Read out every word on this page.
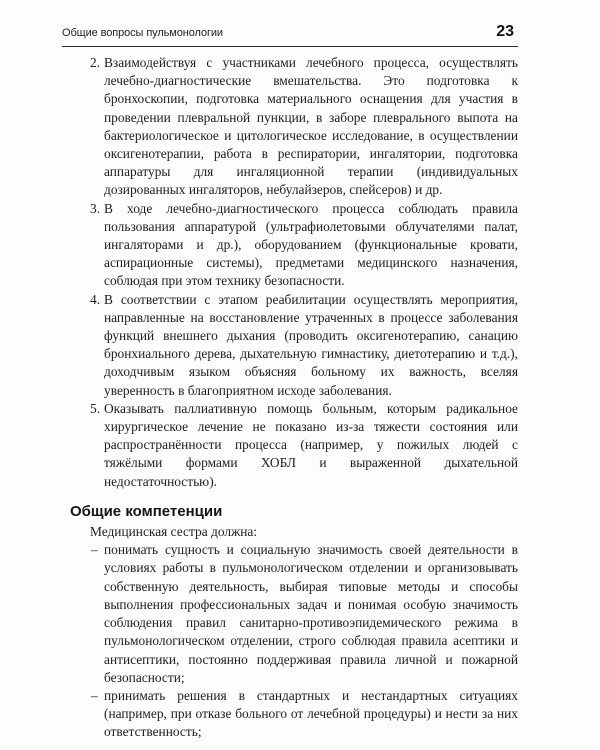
Общие вопросы пульмонологии	23
2. Взаимодействуя с участниками лечебного процесса, осуществлять лечебно-диагностические вмешательства. Это подготовка к бронхоскопии, подготовка материального оснащения для участия в проведении плевральной пункции, в заборе плеврального выпота на бактериологическое и цитологическое исследование, в осуществлении оксигенотерапии, работа в респиратории, ингалятории, подготовка аппаратуры для ингаляционной терапии (индивидуальных дозированных ингаляторов, небулайзеров, спейсеров) и др.
3. В ходе лечебно-диагностического процесса соблюдать правила пользования аппаратурой (ультрафиолетовыми облучателями палат, ингаляторами и др.), оборудованием (функциональные кровати, аспирационные системы), предметами медицинского назначения, соблюдая при этом технику безопасности.
4. В соответствии с этапом реабилитации осуществлять мероприятия, направленные на восстановление утраченных в процессе заболевания функций внешнего дыхания (проводить оксигенотерапию, санацию бронхиального дерева, дыхательную гимнастику, диетотерапию и т.д.), доходчивым языком объясняя больному их важность, вселяя уверенность в благоприятном исходе заболевания.
5. Оказывать паллиативную помощь больным, которым радикальное хирургическое лечение не показано из-за тяжести состояния или распространённости процесса (например, у пожилых людей с тяжёлыми формами ХОБЛ и выраженной дыхательной недостаточностью).
Общие компетенции

Медицинская сестра должна:

– понимать сущность и социальную значимость своей деятельности в условиях работы в пульмонологическом отделении и организовывать собственную деятельность, выбирая типовые методы и способы выполнения профессиональных задач и понимая особую значимость соблюдения правил санитарно-противоэпидемического режима в пульмонологическом отделении, строго соблюдая правила асептики и антисептики, постоянно поддерживая правила личной и пожарной безопасности;
– принимать решения в стандартных и нестандартных ситуациях (например, при отказе больного от лечебной процедуры) и нести за них ответственность;
